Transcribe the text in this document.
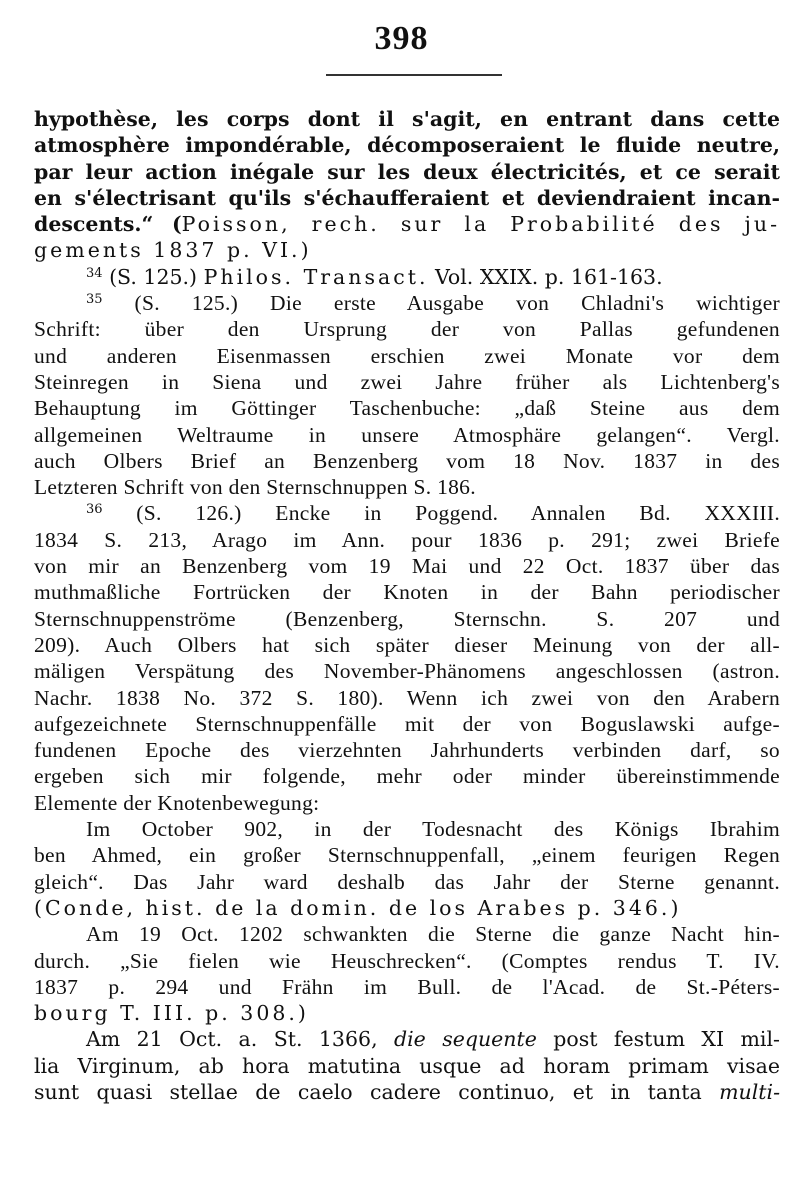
398
hypothèse, les corps dont il s'agit, en entrant dans cette
atmosphère impondérable, décomposeraient le fluide neutre,
par leur action inégale sur les deux électricités, et ce serait
en s'électrisant qu'ils s'échaufferaient et deviendraient incan-
descents.“ (Poisson, rech. sur la Probabilité des ju-
gements 1837 p. VI.)
$^{34}$ (S. 125.) Philos. Transact. Vol. XXIX. p. 161-163.
$^{35}$ (S. 125.) Die erste Ausgabe von Chladni's wichtiger
Schrift: über den Ursprung der von Pallas gefundenen
und anderen Eisenmassen erschien zwei Monate vor dem
Steinregen in Siena und zwei Jahre früher als Lichtenberg's
Behauptung im Göttinger Taschenbuche: „daß Steine aus dem
allgemeinen Weltraume in unsere Atmosphäre gelangen“. Vergl.
auch Olbers Brief an Benzenberg vom 18 Nov. 1837 in des
Letzteren Schrift von den Sternschnuppen S. 186.
$^{36}$ (S. 126.) Encke in Poggend. Annalen Bd. XXXIII.
1834 S. 213, Arago im Ann. pour 1836 p. 291; zwei Briefe
von mir an Benzenberg vom 19 Mai und 22 Oct. 1837 über das
muthmaßliche Fortrücken der Knoten in der Bahn periodischer
Sternschnuppenströme (Benzenberg, Sternschn. S. 207 und
209). Auch Olbers hat sich später dieser Meinung von der all-
mäligen Verspätung des November-Phänomens angeschlossen (astron.
Nachr. 1838 No. 372 S. 180). Wenn ich zwei von den Arabern
aufgezeichnete Sternschnuppenfälle mit der von Boguslawski aufge-
fundenen Epoche des vierzehnten Jahrhunderts verbinden darf, so
ergeben sich mir folgende, mehr oder minder übereinstimmende
Elemente der Knotenbewegung:
Im October 902, in der Todesnacht des Königs Ibrahim
ben Ahmed, ein großer Sternschnuppenfall, „einem feurigen Regen
gleich“. Das Jahr ward deshalb das Jahr der Sterne genannt.
(Conde, hist. de la domin. de los Arabes p. 346.)
Am 19 Oct. 1202 schwankten die Sterne die ganze Nacht hin-
durch. „Sie fielen wie Heuschrecken“. (Comptes rendus T. IV.
1837 p. 294 und Frähn im Bull. de l'Acad. de St.-Péters-
bourg T. III. p. 308.)
Am 21 Oct. a. St. 1366, die sequente post festum XI mil-
lia Virginum, ab hora matutina usque ad horam primam visae
sunt quasi stellae de caelo cadere continuo, et in tanta multi-
